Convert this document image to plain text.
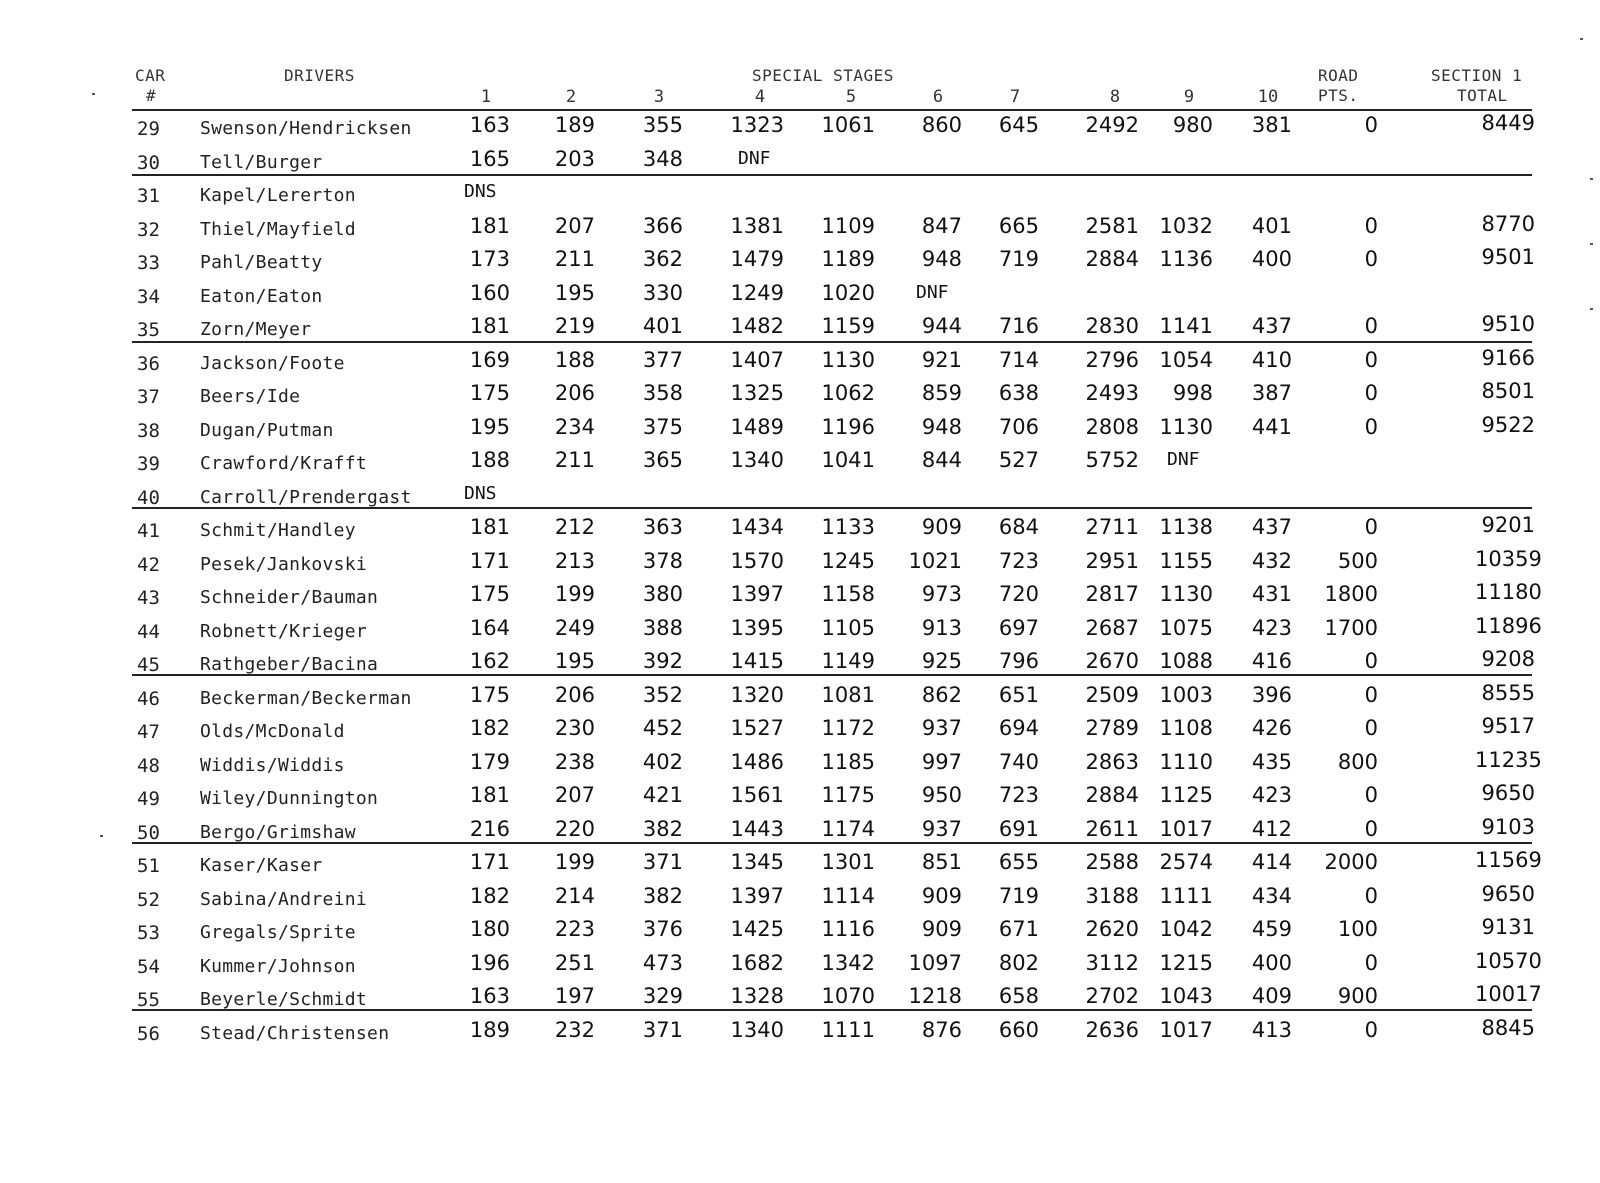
CAR
#
DRIVERS	SPECIAL STAGES	ROAD
PTS.
SECTION 1
TOTAL
1	2	3	4	5	6	7	8	9	10
29 Swenson/Hendricksen	163	189	355	1323	1061	860	645	2492	980	381	0	8449
30 Tell/Burger	165	203	348	DNF
31 Kapel/Lererton	DNS
32 Thiel/Mayfield	181	207	366	1381	1109	847	665	2581 1032	401	0	8770
33 Pahl/Beatty	173	211	362	1479	1189	948	719	2884 1136	400	0	9501
34 Eaton/Eaton	160	195	330	1249	1020 DNF
35 Zorn/Meyer	181	219	401	1482	1159	944	716	2830 1141	437	0	9510
36 Jackson/Foote	169	188	377	1407	1130	921	714	2796 1054	410	0	9166
37 Beers/Ide	175	206	358	1325	1062	859	638	2493	998	387	0	8501
38 Dugan/Putman	195	234	375	1489	1196	948	706	2808 1130	441	0	9522
39 Crawford/Krafft	188	211	365	1340	1041	844	527	5752 DNF
40 Carroll/Prendergast	DNS
41 Schmit/Handley	181	212	363	1434	1133	909	684	2711 1138	437	0	9201
42 Pesek/Jankovski	171	213	378	1570	1245	1021	723	2951 1155	432	500	10359
43 Schneider/Bauman	175	199	380	1397	1158	973	720	2817 1130	431	1800	11180
44 Robnett/Krieger	164	249	388	1395	1105	913	697	2687 1075	423	1700	11896
45 Rathgeber/Bacina	162	195	392	1415	1149	925	796	2670 1088	416	0	9208
46 Beckerman/Beckerman	175	206	352	1320	1081	862	651	2509 1003	396	0	8555
47 Olds/McDonald	182	230	452	1527	1172	937	694	2789 1108	426	0	9517
48 Widdis/Widdis	179	238	402	1486	1185	997	740	2863 1110	435	800	11235
49 Wiley/Dunnington	181	207	421	1561	1175	950	723	2884 1125	423	0	9650
50 Bergo/Grimshaw	216	220	382	1443	1174	937	691	2611 1017	412	0	9103
51 Kaser/Kaser	171	199	371	1345	1301	851	655	2588 2574	414	2000	11569
52 Sabina/Andreini	182	214	382	1397	1114	909	719	3188 1111	434	0	9650
53 Gregals/Sprite	180	223	376	1425	1116	909	671	2620 1042	459	100	9131
54 Kummer/Johnson	196	251	473	1682	1342	1097	802	3112 1215	400	0	10570
55 Beyerle/Schmidt	163	197	329	1328	1070	1218	658	2702 1043	409	900	10017
56 Stead/Christensen	189	232	371	1340	1111	876	660	2636 1017	413	0	8845
